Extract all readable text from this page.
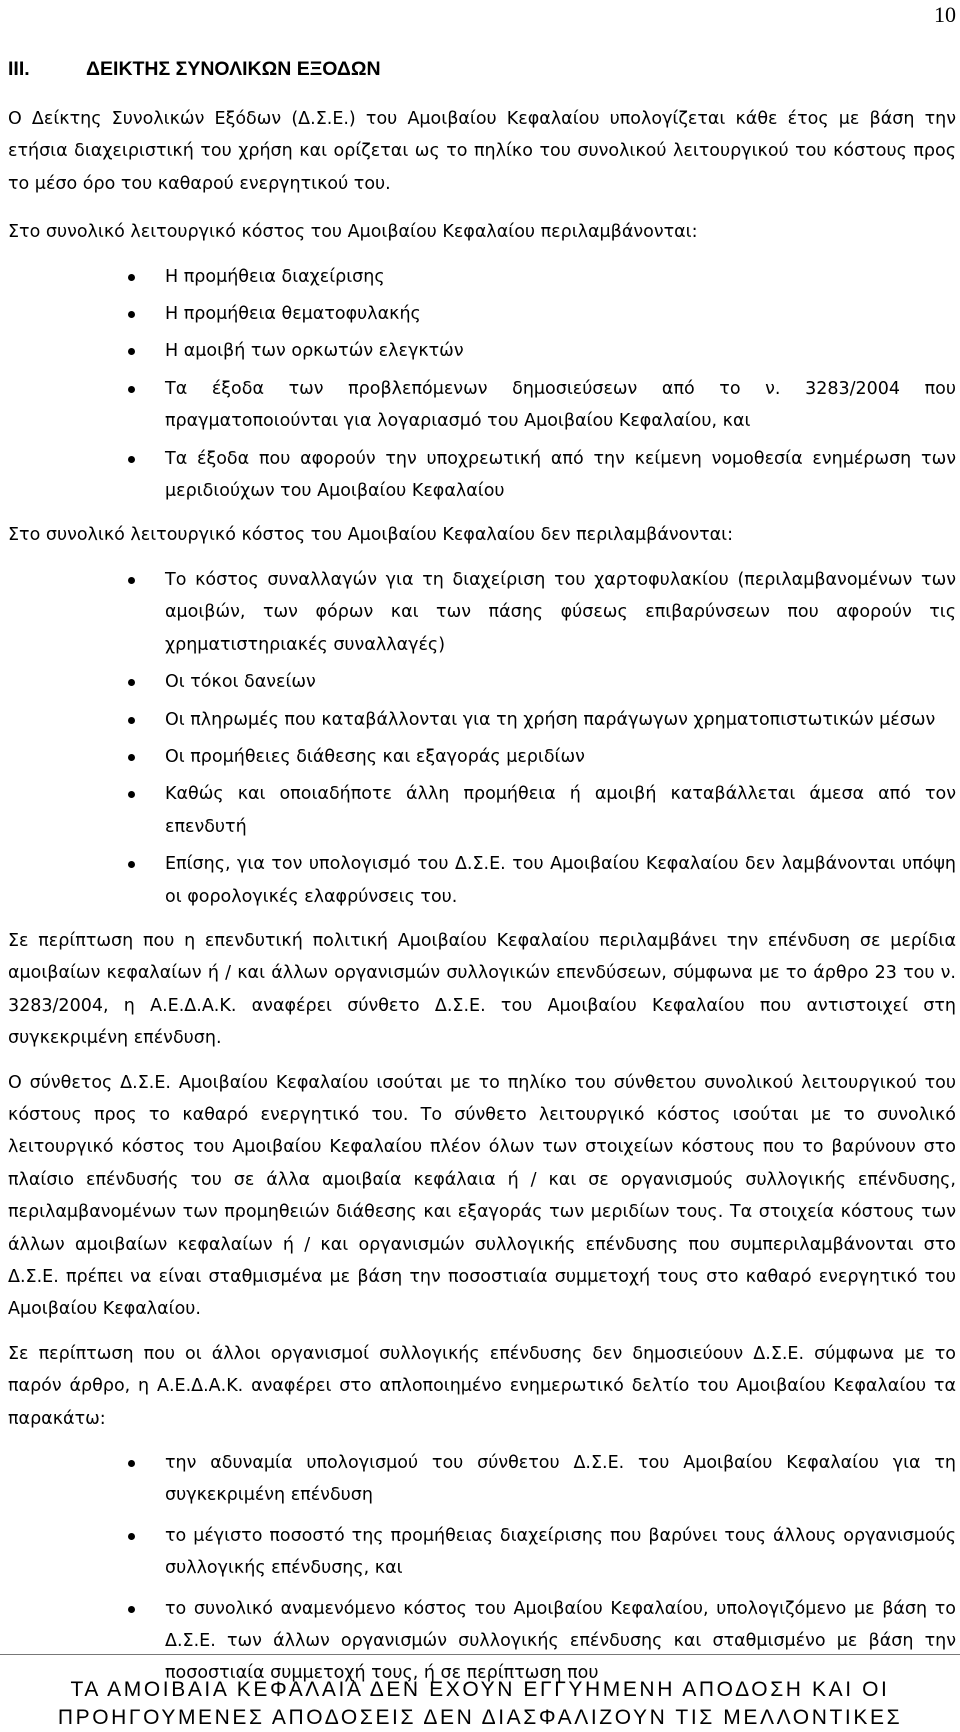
10
III.	ΔΕΙΚΤΗΣ ΣΥΝΟΛΙΚΩΝ ΕΞΟΔΩΝ

Ο Δείκτης Συνολικών Εξόδων (Δ.Σ.Ε.) του Αμοιβαίου Κεφαλαίου υπολογίζεται κάθε έτος με βάση την ετήσια διαχειριστική του χρήση και ορίζεται ως το πηλίκο του συνολικού λειτουργικού του κόστους προς το μέσο όρο του καθαρού ενεργητικού του.

Στο συνολικό λειτουργικό κόστος του Αμοιβαίου Κεφαλαίου περιλαμβάνονται:

Η προμήθεια διαχείρισης
Η προμήθεια θεματοφυλακής
Η αμοιβή των ορκωτών ελεγκτών
Τα έξοδα των προβλεπόμενων δημοσιεύσεων από το ν. 3283/2004 που πραγματοποιούνται για λογαριασμό του Αμοιβαίου Κεφαλαίου, και
Τα έξοδα που αφορούν την υποχρεωτική από την κείμενη νομοθεσία ενημέρωση των μεριδιούχων του Αμοιβαίου Κεφαλαίου

Στο συνολικό λειτουργικό κόστος του Αμοιβαίου Κεφαλαίου δεν περιλαμβάνονται:

Το κόστος συναλλαγών για τη διαχείριση του χαρτοφυλακίου (περιλαμβανομένων των αμοιβών, των φόρων και των πάσης φύσεως επιβαρύνσεων που αφορούν τις χρηματιστηριακές συναλλαγές)
Οι τόκοι δανείων
Οι πληρωμές που καταβάλλονται για τη χρήση παράγωγων χρηματοπιστωτικών μέσων
Οι προμήθειες διάθεσης και εξαγοράς μεριδίων
Καθώς και οποιαδήποτε άλλη προμήθεια ή αμοιβή καταβάλλεται άμεσα από τον επενδυτή
Επίσης, για τον υπολογισμό του Δ.Σ.Ε. του Αμοιβαίου Κεφαλαίου δεν λαμβάνονται υπόψη οι φορολογικές ελαφρύνσεις του.

Σε περίπτωση που η επενδυτική πολιτική Αμοιβαίου Κεφαλαίου περιλαμβάνει την επένδυση σε μερίδια αμοιβαίων κεφαλαίων ή / και άλλων οργανισμών συλλογικών επενδύσεων, σύμφωνα με το άρθρο 23 του ν. 3283/2004, η Α.Ε.Δ.Α.Κ. αναφέρει σύνθετο Δ.Σ.Ε. του Αμοιβαίου Κεφαλαίου που αντιστοιχεί στη συγκεκριμένη επένδυση.

Ο σύνθετος Δ.Σ.Ε. Αμοιβαίου Κεφαλαίου ισούται με το πηλίκο του σύνθετου συνολικού λειτουργικού του κόστους προς το καθαρό ενεργητικό του. Το σύνθετο λειτουργικό κόστος ισούται με το συνολικό λειτουργικό κόστος του Αμοιβαίου Κεφαλαίου πλέον όλων των στοιχείων κόστους που το βαρύνουν στο πλαίσιο επένδυσής του σε άλλα αμοιβαία κεφάλαια ή / και σε οργανισμούς συλλογικής επένδυσης, περιλαμβανομένων των προμηθειών διάθεσης και εξαγοράς των μεριδίων τους. Τα στοιχεία κόστους των άλλων αμοιβαίων κεφαλαίων ή / και οργανισμών συλλογικής επένδυσης που συμπεριλαμβάνονται στο Δ.Σ.Ε. πρέπει να είναι σταθμισμένα με βάση την ποσοστιαία συμμετοχή τους στο καθαρό ενεργητικό του Αμοιβαίου Κεφαλαίου.

Σε περίπτωση που οι άλλοι οργανισμοί συλλογικής επένδυσης δεν δημοσιεύουν Δ.Σ.Ε. σύμφωνα με το παρόν άρθρο, η Α.Ε.Δ.Α.Κ. αναφέρει στο απλοποιημένο ενημερωτικό δελτίο του Αμοιβαίου Κεφαλαίου τα παρακάτω:

την αδυναμία υπολογισμού του σύνθετου Δ.Σ.Ε. του Αμοιβαίου Κεφαλαίου για τη συγκεκριμένη επένδυση
το μέγιστο ποσοστό της προμήθειας διαχείρισης που βαρύνει τους άλλους οργανισμούς συλλογικής επένδυσης, και
το συνολικό αναμενόμενο κόστος του Αμοιβαίου Κεφαλαίου, υπολογιζόμενο με βάση το Δ.Σ.Ε. των άλλων οργανισμών συλλογικής επένδυσης και σταθμισμένο με βάση την ποσοστιαία συμμετοχή τους, ή σε περίπτωση που
ΤΑ ΑΜΟΙΒΑΙΑ ΚΕΦΑΛΑΙΑ ΔΕΝ ΕΧΟΥΝ ΕΓΓΥΗΜΕΝΗ ΑΠΟΔΟΣΗ ΚΑΙ ΟΙ
ΠΡΟΗΓΟΥΜΕΝΕΣ ΑΠΟΔΟΣΕΙΣ ΔΕΝ ΔΙΑΣΦΑΛΙΖΟΥΝ ΤΙΣ ΜΕΛΛΟΝΤΙΚΕΣ
